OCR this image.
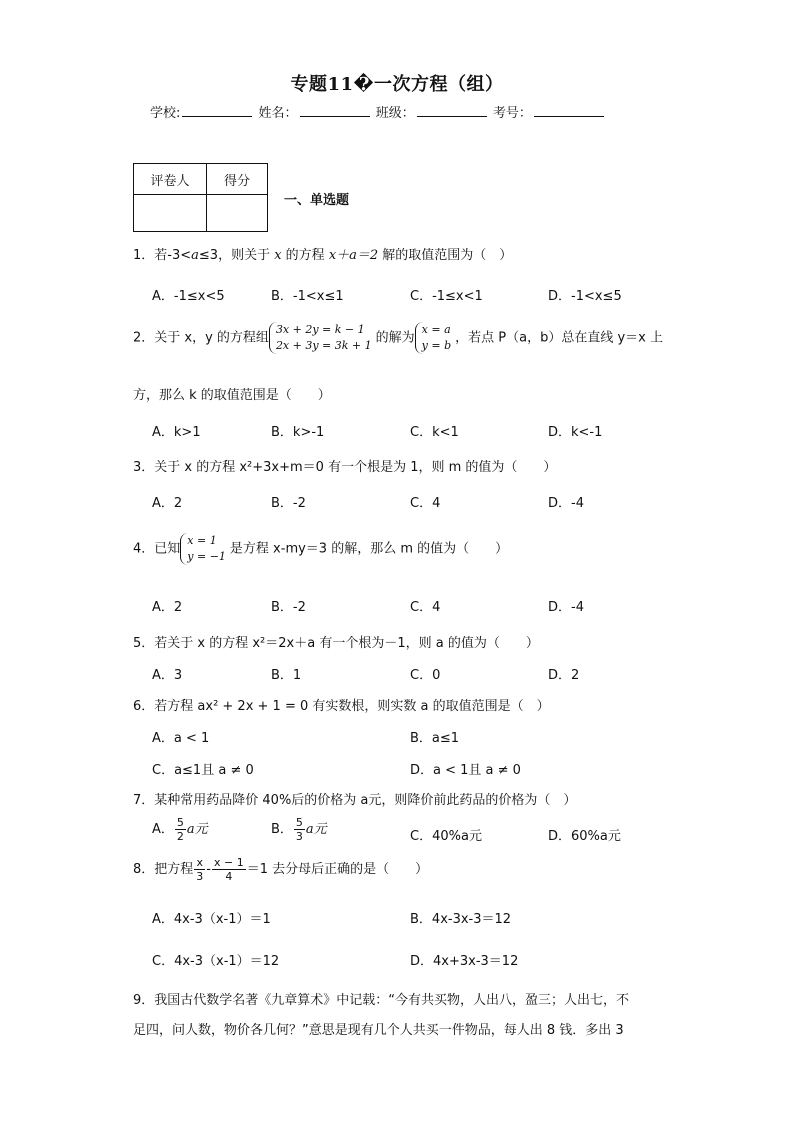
专题11�一次方程（组）
学校:	姓名：	班级：	考号：
评卷人	得分

一、单选题
1．若-3<a≤3，则关于 x 的方程 x＋a＝2 解的取值范围为（　）
A．-1≤x<5	B．-1<x≤1	C．-1≤x<1	D．-1<x≤5
2．关于 x，y 的方程组
3x + 2y = k − 1
2x + 3y = 3k + 1 的解为
x = a
y = b ，若点 P（a，b）总在直线 y＝x 上
方，那么 k 的取值范围是（　　）
A．k>1	B．k>-1	C．k<1	D．k<-1
3．关于 x 的方程 x²+3x+m＝0 有一个根是为 1，则 m 的值为（　　）
A．2	B．-2	C．4	D．-4
4．已知
x = 1
y = −1 是方程 x-my＝3 的解，那么 m 的值为（　　）
A．2	B．-2	C．4	D．-4
5．若关于 x 的方程 x²＝2x＋a 有一个根为－1，则 a 的值为（　　）
A．3	B．1	C．0	D．2
6．若方程 ax² + 2x + 1 = 0 有实数根，则实数 a 的取值范围是（　）
A．a < 1	B．a≤1
C．a≤1且 a ≠ 0	D．a < 1且 a ≠ 0
7．某种常用药品降价 40%后的价格为 a元，则降价前此药品的价格为（　）
A． $\frac{5}{2}$ a元	B． $\frac{5}{3}$ a元	C．40%a元	D．60%a元
8．把方程 $\frac{x}{3} - \frac{x - 1}{4} =1$ 去分母后正确的是（　　）
A．4x-3（x-1）＝1	B．4x-3x-3＝12
C．4x-3（x-1）＝12	D．4x+3x-3＝12
9．我国古代数学名著《九章算术》中记载：“今有共买物，人出八，盈三；人出七，不
足四，问人数，物价各几何？”意思是现有几个人共买一件物品，每人出 8 钱．多出 3
